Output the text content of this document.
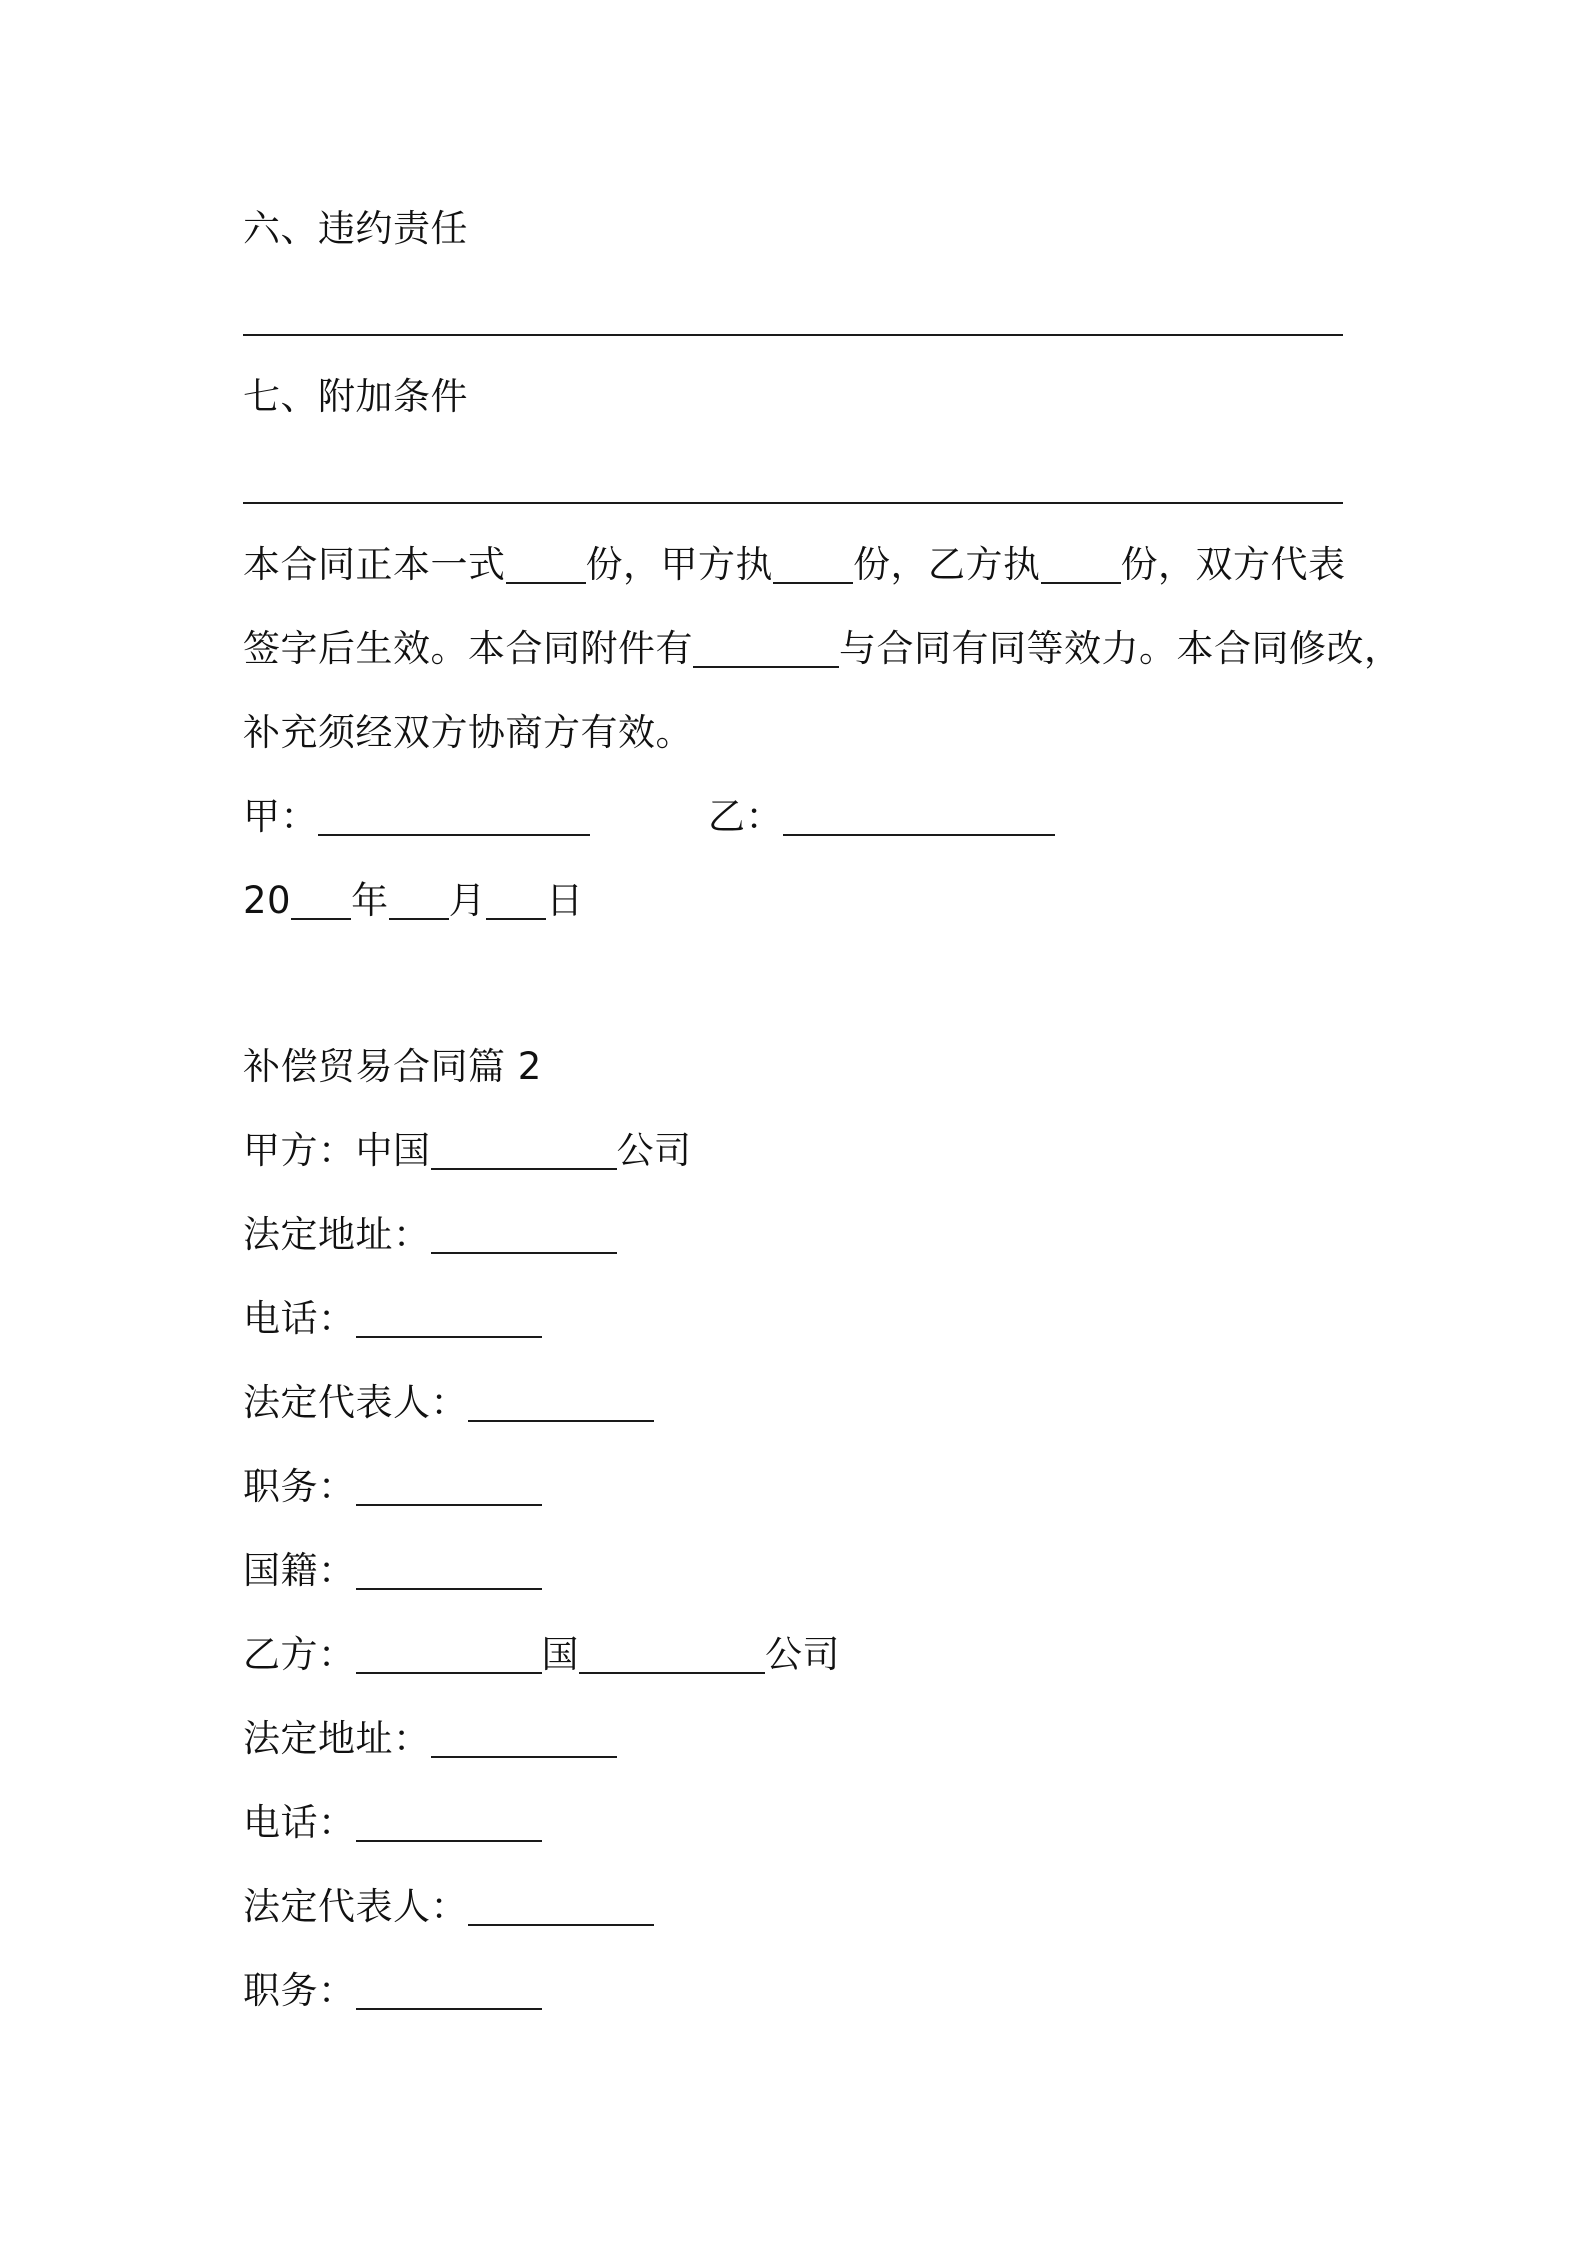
六、违约责任
七、附加条件
本合同正本一式 份，甲方执 份，乙方执 份，双方代表
签字后生效。本合同附件有	与合同有同等效力。本合同修改，
补充须经双方协商方有效。
甲：	乙：
20 年 月 日
补偿贸易合同篇 2
甲方：中国	公司
法定地址：
电话：
法定代表人：
职务：
国籍：
乙方：	国	公司
法定地址：
电话：
法定代表人：
职务：
